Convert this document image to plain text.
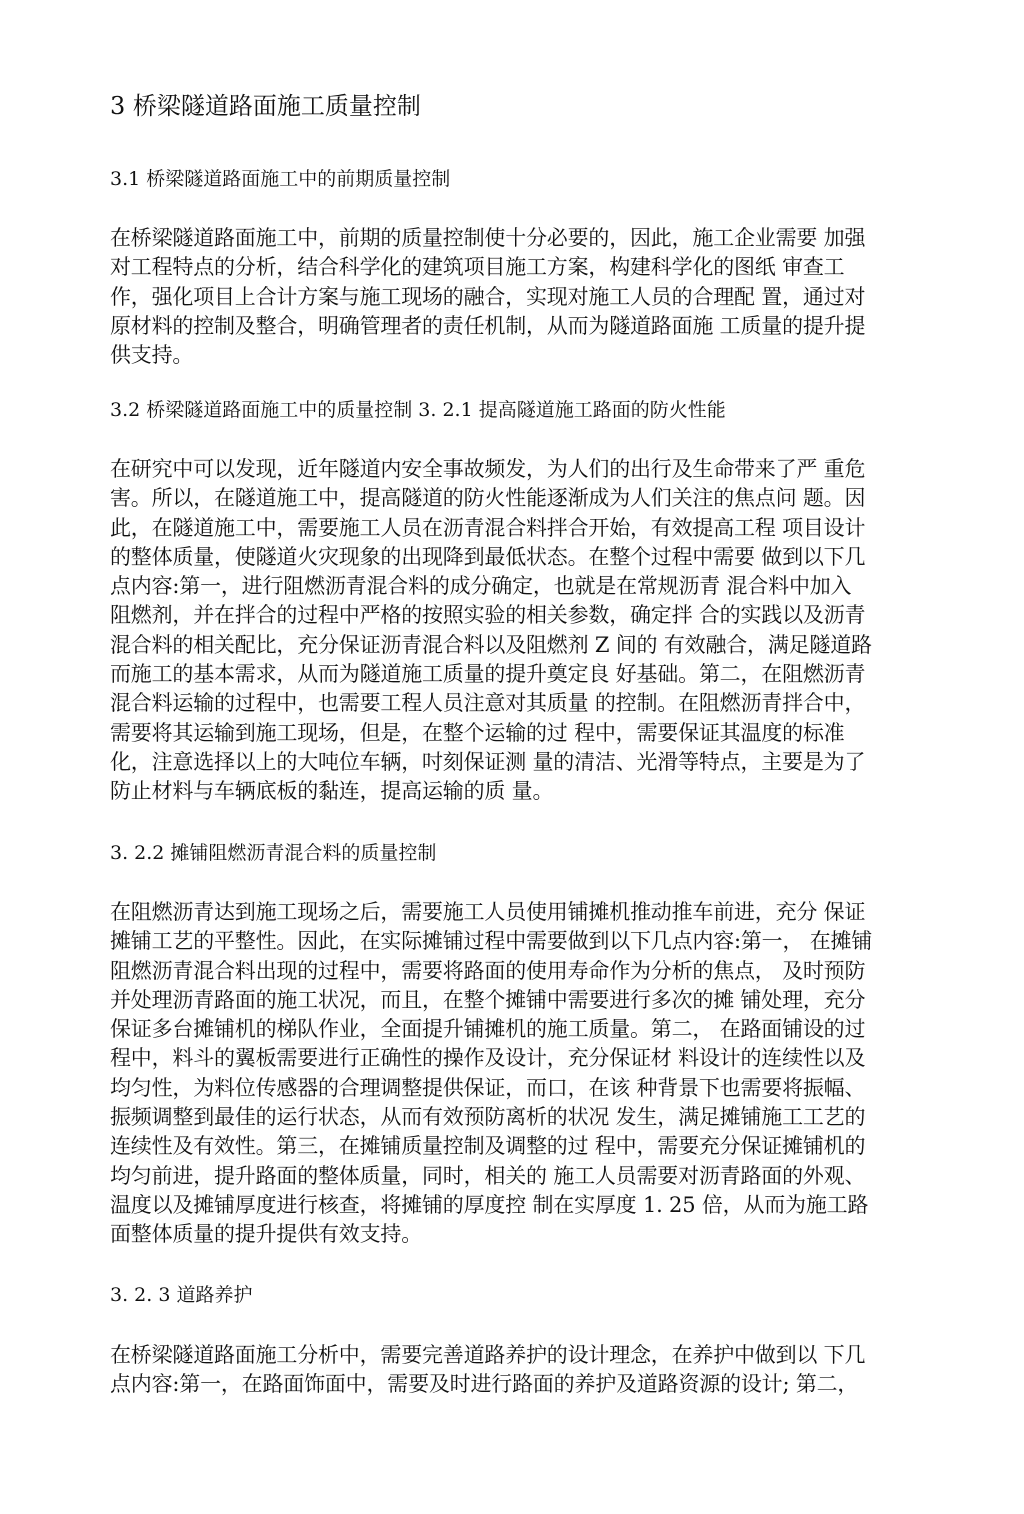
3 桥梁隧道路面施工质量控制
3.1 桥梁隧道路面施工中的前期质量控制
在桥梁隧道路面施工中，前期的质量控制使十分必要的，因此，施工企业需要 加强
对工程特点的分析，结合科学化的建筑项目施工方案，构建科学化的图纸 审查工
作，强化项目上合计方案与施工现场的融合，实现对施工人员的合理配 置，通过对
原材料的控制及整合，明确管理者的责任机制，从而为隧道路面施 工质量的提升提
供支持。
3.2 桥梁隧道路面施工中的质量控制 3. 2.1 提高隧道施工路面的防火性能
在研究中可以发现，近年隧道内安全事故频发，为人们的出行及生命带来了严 重危
害。所以，在隧道施工中，提高隧道的防火性能逐渐成为人们关注的焦点问 题。因
此，在隧道施工中，需要施工人员在沥青混合料拌合开始，有效提高工程 项目设计
的整体质量，使隧道火灾现象的出现降到最低状态。在整个过程中需要 做到以下几
点内容:第一，进行阻燃沥青混合料的成分确定，也就是在常规沥青 混合料中加入
阻燃剂，并在拌合的过程中严格的按照实验的相关参数，确定拌 合的实践以及沥青
混合料的相关配比，充分保证沥青混合料以及阻燃剂 Z 间的 有效融合，满足隧道路
而施工的基本需求，从而为隧道施工质量的提升奠定良 好基础。第二，在阻燃沥青
混合料运输的过程中，也需要工程人员注意对其质量 的控制。在阻燃沥青拌合中，
需要将其运输到施工现场，但是，在整个运输的过 程中，需要保证其温度的标准
化，注意选择以上的大吨位车辆，吋刻保证测 量的清洁、光滑等特点，主要是为了
防止材料与车辆底板的黏连，提高运输的质 量。
3. 2.2 摊铺阻燃沥青混合料的质量控制
在阻燃沥青达到施工现场之后，需要施工人员使用铺摊机推动推车前进，充分 保证
摊铺工艺的平整性。因此，在实际摊铺过程中需要做到以下几点内容:第一， 在摊铺
阻燃沥青混合料出现的过程中，需要将路面的使用寿命作为分析的焦点， 及时预防
并处理沥青路面的施工状况，而且，在整个摊铺中需要进行多次的摊 铺处理，充分
保证多台摊铺机的梯队作业，全面提升铺摊机的施工质量。第二， 在路面铺设的过
程中，料斗的翼板需要进行正确性的操作及设计，充分保证材 料设计的连续性以及
均匀性，为料位传感器的合理调整提供保证，而口，在该 种背景下也需要将振幅、
振频调整到最佳的运行状态，从而有效预防离析的状况 发生，满足摊铺施工工艺的
连续性及有效性。第三，在摊铺质量控制及调整的过 程中，需要充分保证摊铺机的
均匀前进，提升路面的整体质量，同时，相关的 施工人员需要对沥青路面的外观、
温度以及摊铺厚度进行核查，将摊铺的厚度控 制在实厚度 1. 25 倍，从而为施工路
面整体质量的提升提供有效支持。
3. 2. 3 道路养护
在桥梁隧道路面施工分析中，需要完善道路养护的设计理念，在养护中做到以 下几
点内容:第一，在路面饰面中，需要及时进行路面的养护及道路资源的设计; 第二，
